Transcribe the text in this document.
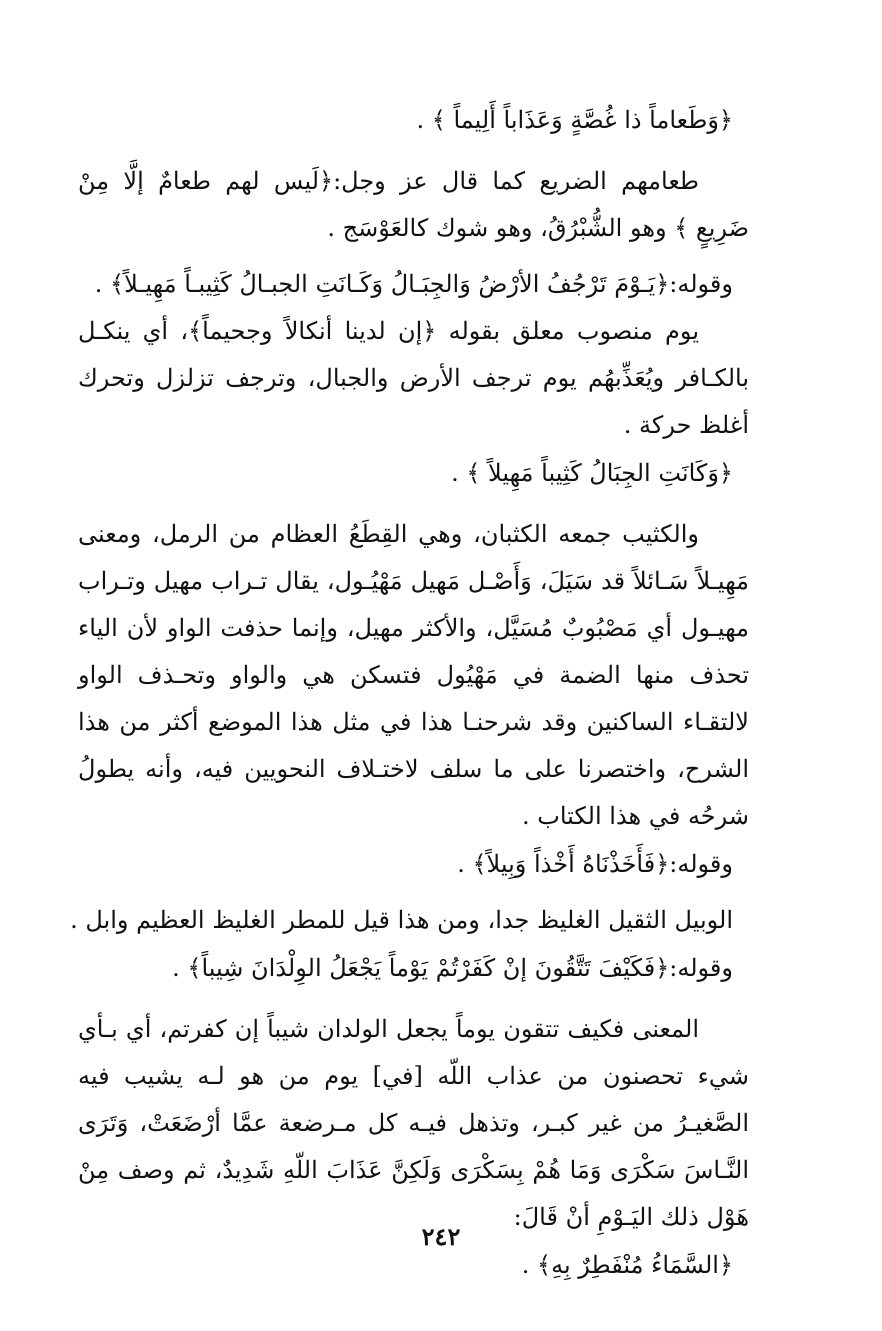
﴿وَطَعاماً ذا غُصَّةٍ وَعَذَاباً أَلِيماً ﴾ .
طعامهم الضريع كما قال عز وجل:﴿لَيس لهم طعامٌ إلَّا مِنْ ضَرِيعٍ ﴾ وهو الشُّبْرُقُ، وهو شوك كالعَوْسَج .
وقوله:﴿يَـوْمَ تَرْجُفُ الأرْضُ وَالجِبَـالُ وَكَـانَتِ الجبـالُ كَثِيبـاً مَهِيـلاً﴾ .
يوم منصوب معلق بقوله ﴿إن لدينا أنكالاً وجحيماً﴾، أي ينكـل بالكـافر ويُعَذِّبهُم يوم ترجف الأرض والجبال، وترجف تزلزل وتحرك أغلظ حركة .
﴿وَكَانَتِ الجِبَالُ كَثِيباً مَهِيلاً ﴾ .
والكثيب جمعه الكثبان، وهي القِطَعُ العظام من الرمل، ومعنى مَهِيـلاً سَـائلاً قد سَيَلَ، وَأَصْـل مَهيل مَهْيُـول، يقال تـراب مهيل وتـراب مهيـول أي مَصْبُوبٌ مُسَيَّل، والأكثر مهيل، وإنما حذفت الواو لأن الياء تحذف منها الضمة في مَهْيُول فتسكن هي والواو وتحـذف الواو لالتقـاء الساكنين وقد شرحنـا هذا في مثل هذا الموضع أكثر من هذا الشرح، واختصرنا على ما سلف لاختـلاف النحويين فيه، وأنه يطولُ شرحُه في هذا الكتاب .
وقوله:﴿فَأَخَذْنَاهُ أَخْذاً وَبِيلاً﴾ .
الوبيل الثقيل الغليظ جدا، ومن هذا قيل للمطر الغليظ العظيم وابل .
وقوله:﴿فَكَيْفَ تَتَّقُونَ إنْ كَفَرْتُمْ يَوْماً يَجْعَلُ الوِلْدَانَ شِيباً﴾ .
المعنى فكيف تتقون يوماً يجعل الولدان شيباً إن كفرتم، أي بـأي شيء تحصنون من عذاب اللّه [في] يوم من هو لـه يشيب فيه الصَّغيـرُ من غير كبـر، وتذهل فيـه كل مـرضعة عمَّا أرْضَعَتْ، وَتَرَى النَّـاسَ سَكْرَى وَمَا هُمْ بِسَكْرَى وَلَكِنَّ عَذَابَ اللّهِ شَدِيدٌ، ثم وصف مِنْ هَوْل ذلك اليَـوْمِ أنْ قَالَ:
﴿السَّمَاءُ مُنْفَطِرٌ بِهِ﴾ .
٢٤٢
